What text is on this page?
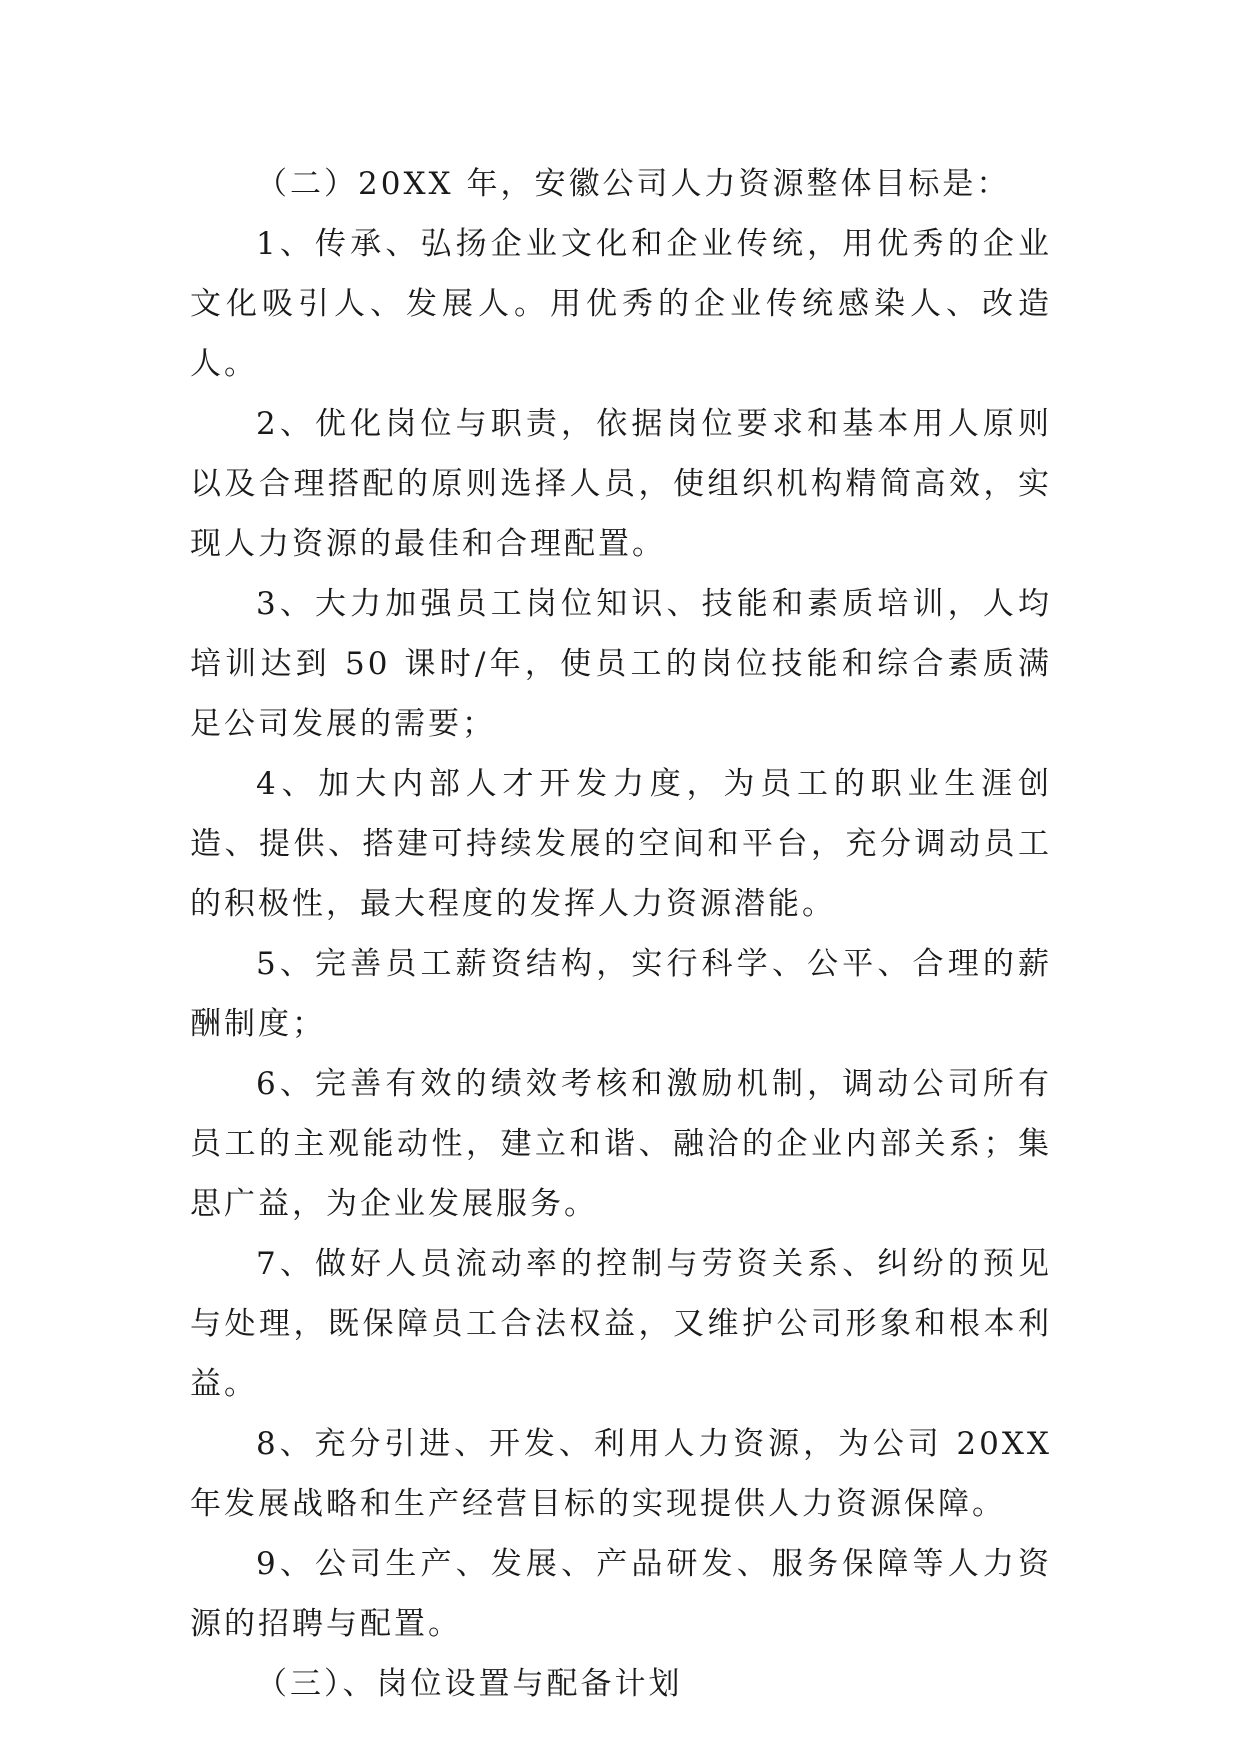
（二）20XX 年，安徽公司人力资源整体目标是：

1、传承、弘扬企业文化和企业传统，用优秀的企业文化吸引人、发展人。用优秀的企业传统感染人、改造人。

2、优化岗位与职责，依据岗位要求和基本用人原则以及合理搭配的原则选择人员，使组织机构精简高效，实现人力资源的最佳和合理配置。

3、大力加强员工岗位知识、技能和素质培训，人均培训达到 50 课时/年，使员工的岗位技能和综合素质满足公司发展的需要；

4、加大内部人才开发力度，为员工的职业生涯创造、提供、搭建可持续发展的空间和平台，充分调动员工的积极性，最大程度的发挥人力资源潜能。

5、完善员工薪资结构，实行科学、公平、合理的薪酬制度；

6、完善有效的绩效考核和激励机制，调动公司所有员工的主观能动性，建立和谐、融洽的企业内部关系；集思广益，为企业发展服务。

7、做好人员流动率的控制与劳资关系、纠纷的预见与处理，既保障员工合法权益，又维护公司形象和根本利益。

8、充分引进、开发、利用人力资源，为公司 20XX 年发展战略和生产经营目标的实现提供人力资源保障。

9、公司生产、发展、产品研发、服务保障等人力资源的招聘与配置。

（三）、岗位设置与配备计划
